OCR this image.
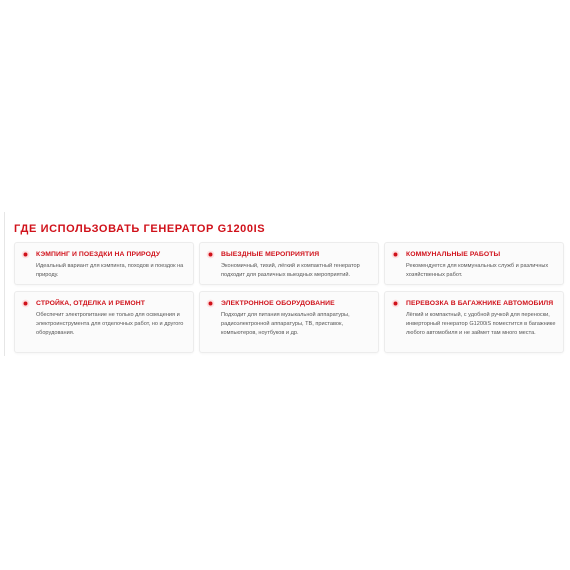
ГДЕ ИСПОЛЬЗОВАТЬ ГЕНЕРАТОР G1200IS
КЭМПИНГ И ПОЕЗДКИ НА ПРИРОДУ
Идеальный вариант для кэмпинга, походов и поездок на природу.
ВЫЕЗДНЫЕ МЕРОПРИЯТИЯ
Экономичный, тихий, лёгкий и компактный генератор подходит для различных выездных мероприятий.
КОММУНАЛЬНЫЕ РАБОТЫ
Рекомендуется для коммунальных служб и различных хозяйственных работ.
СТРОЙКА, ОТДЕЛКА И РЕМОНТ
Обеспечит электропитание не только для освещения и электроинструмента для отделочных работ, но и другого оборудования.
ЭЛЕКТРОННОЕ ОБОРУДОВАНИЕ
Подходит для питания музыкальной аппаратуры, радиоэлектронной аппаратуры, ТВ, приставок, компьютеров, ноутбуков и др.
ПЕРЕВОЗКА В БАГАЖНИКЕ АВТОМОБИЛЯ
Лёгкий и компактный, с удобной ручкой для переноски, инверторный генератор G1200iS поместится в багажнике любого автомобиля и не займет там много места.
